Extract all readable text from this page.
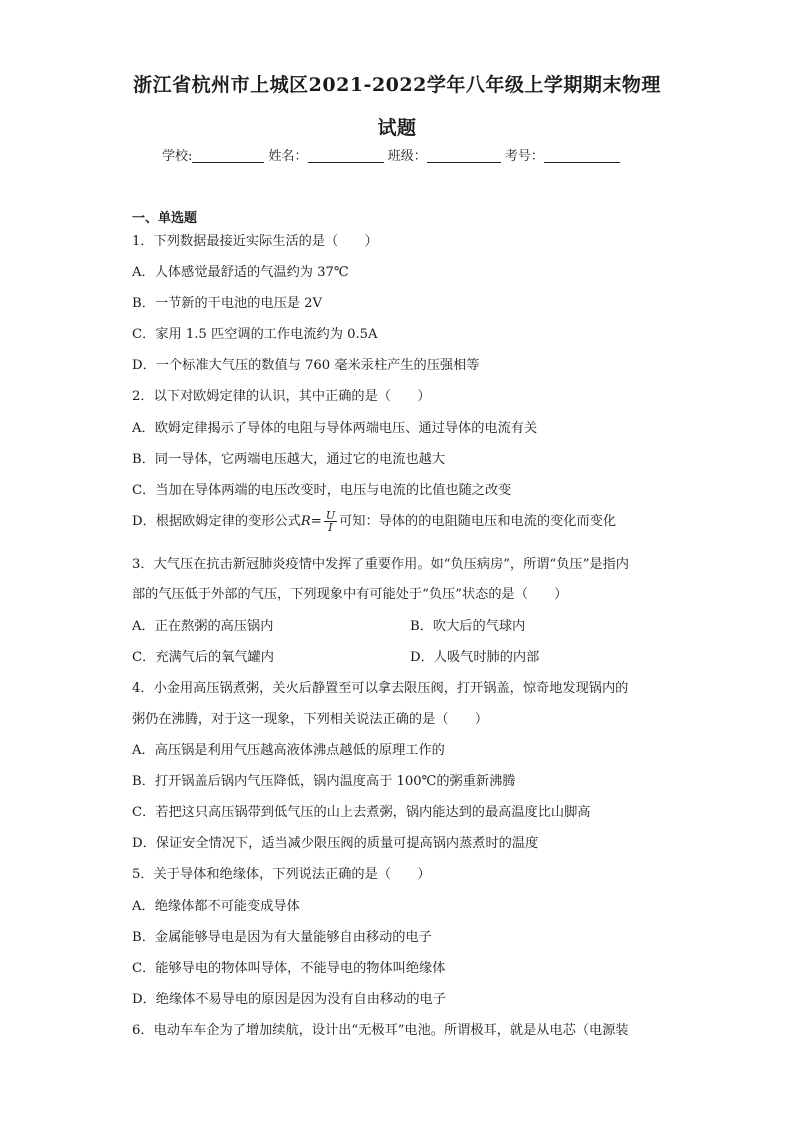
浙江省杭州市上城区2021-2022学年八年级上学期期末物理
试题
学校:	姓名：	班级：	考号：
一、单选题
1．下列数据最接近实际生活的是（　　）
A．人体感觉最舒适的气温约为 37℃
B．一节新的干电池的电压是 2V
C．家用 1.5 匹空调的工作电流约为 0.5A
D．一个标准大气压的数值与 760 毫米汞柱产生的压强相等
2．以下对欧姆定律的认识，其中正确的是（　　）
A．欧姆定律揭示了导体的电阻与导体两端电压、通过导体的电流有关
B．同一导体，它两端电压越大，通过它的电流也越大
C．当加在导体两端的电压改变时，电压与电流的比值也随之改变
D．根据欧姆定律的变形公式$R= \frac{U}{I}$ 可知：导体的的电阻随电压和电流的变化而变化
3．大气压在抗击新冠肺炎疫情中发挥了重要作用。如“负压病房”，所谓“负压”是指内
部的气压低于外部的气压，下列现象中有可能处于“负压”状态的是（　　）
A．正在熬粥的高压锅内	B．吹大后的气球内
C．充满气后的氧气罐内	D．人吸气时肺的内部
4．小金用高压锅煮粥，关火后静置至可以拿去限压阀，打开锅盖，惊奇地发现锅内的
粥仍在沸腾，对于这一现象，下列相关说法正确的是（　　）
A．高压锅是利用气压越高液体沸点越低的原理工作的
B．打开锅盖后锅内气压降低，锅内温度高于 100℃的粥重新沸腾
C．若把这只高压锅带到低气压的山上去煮粥，锅内能达到的最高温度比山脚高
D．保证安全情况下，适当减少限压阀的质量可提高锅内蒸煮时的温度
5．关于导体和绝缘体，下列说法正确的是（　　）
A．绝缘体都不可能变成导体
B．金属能够导电是因为有大量能够自由移动的电子
C．能够导电的物体叫导体，不能导电的物体叫绝缘体
D．绝缘体不易导电的原因是因为没有自由移动的电子
6．电动车车企为了增加续航，设计出“无极耳”电池。所谓极耳，就是从电芯（电源装
